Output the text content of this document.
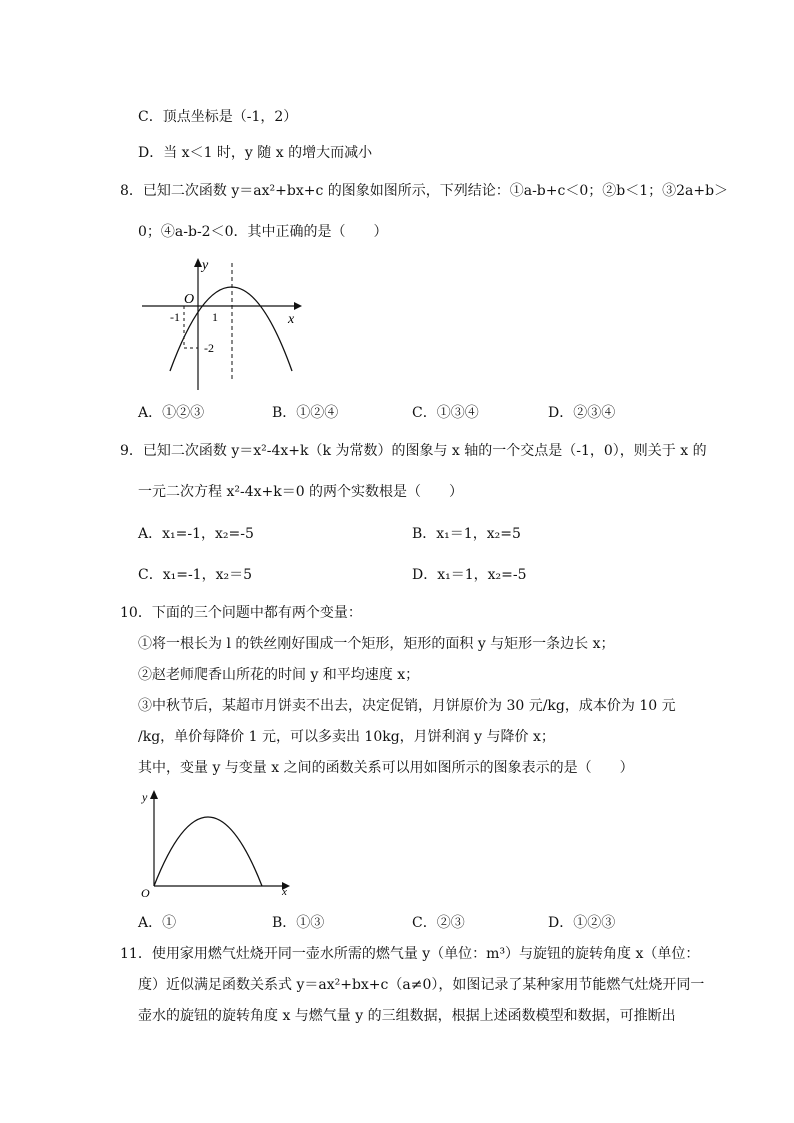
C．顶点坐标是（-1，2）
D．当 x＜1 时，y 随 x 的增大而减小
8．已知二次函数 y＝ax²+bx+c 的图象如图所示，下列结论：①a-b+c＜0；②b＜1；③2a+b＞
0；④a-b-2＜0．其中正确的是（　　）
y
x
O
-1	1
-2
A．①②③	B．①②④	C．①③④	D．②③④
9．已知二次函数 y＝x²-4x+k（k 为常数）的图象与 x 轴的一个交点是（-1，0），则关于 x 的
一元二次方程 x²-4x+k＝0 的两个实数根是（　　）
A．x₁=-1，x₂=-5	B．x₁＝1，x₂=5
C．x₁=-1，x₂＝5	D．x₁＝1，x₂=-5
10．下面的三个问题中都有两个变量：
①将一根长为 l 的铁丝刚好围成一个矩形，矩形的面积 y 与矩形一条边长 x；
②赵老师爬香山所花的时间 y 和平均速度 x；
③中秋节后，某超市月饼卖不出去，决定促销，月饼原价为 30 元/kg，成本价为 10 元
/kg，单价每降价 1 元，可以多卖出 10kg，月饼利润 y 与降价 x；
其中，变量 y 与变量 x 之间的函数关系可以用如图所示的图象表示的是（　　）
y
x
O
A．①	B．①③	C．②③	D．①②③
11．使用家用燃气灶烧开同一壶水所需的燃气量 y（单位：m³）与旋钮的旋转角度 x（单位：
度）近似满足函数关系式 y＝ax²+bx+c（a≠0），如图记录了某种家用节能燃气灶烧开同一
壶水的旋钮的旋转角度 x 与燃气量 y 的三组数据，根据上述函数模型和数据，可推断出
